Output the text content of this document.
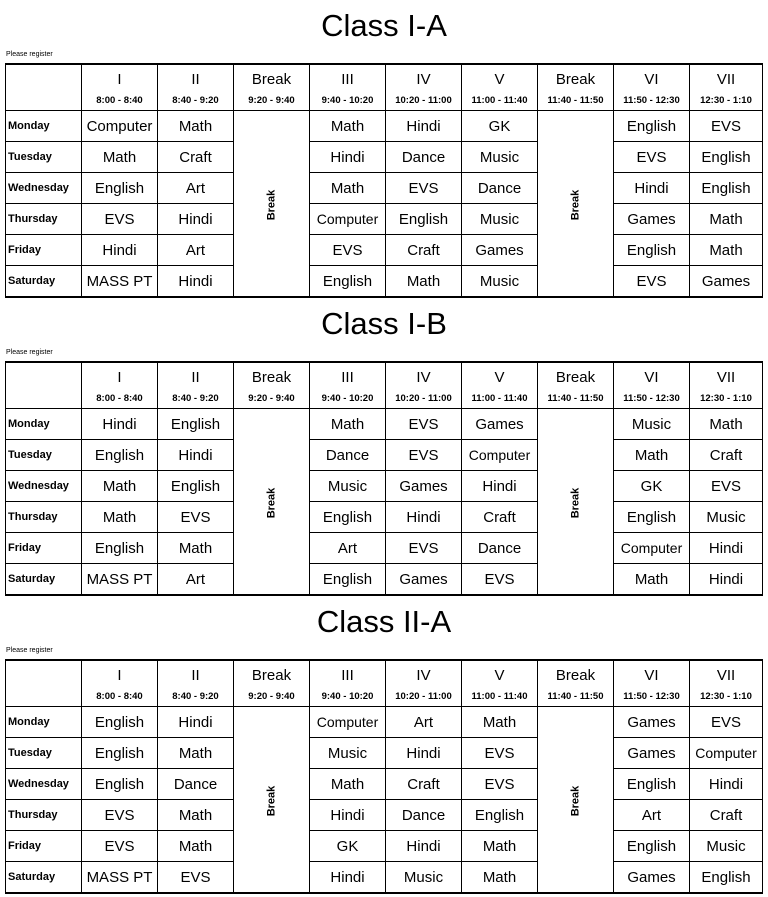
Class I-A
Please register
	I	II	Break	III	IV	V	Break	VI	VII
	8:00 - 8:40	8:40 - 9:20	9:20 - 9:40	9:40 - 10:20	10:20 - 11:00	11:00 - 11:40	11:40 - 11:50	11:50 - 12:30	12:30 - 1:10
Monday	Computer	Math	Break	Math	Hindi	GK	Break	English	EVS
Tuesday	Math	Craft		Hindi	Dance	Music		EVS	English
Wednesday	English	Art		Math	EVS	Dance		Hindi	English
Thursday	EVS	Hindi		Computer	English	Music		Games	Math
Friday	Hindi	Art		EVS	Craft	Games		English	Math
Saturday	MASS PT	Hindi		English	Math	Music		EVS	Games
Class I-B
Please register
	I	II	Break	III	IV	V	Break	VI	VII
	8:00 - 8:40	8:40 - 9:20	9:20 - 9:40	9:40 - 10:20	10:20 - 11:00	11:00 - 11:40	11:40 - 11:50	11:50 - 12:30	12:30 - 1:10
Monday	Hindi	English	Break	Math	EVS	Games	Break	Music	Math
Tuesday	English	Hindi		Dance	EVS	Computer		Math	Craft
Wednesday	Math	English		Music	Games	Hindi		GK	EVS
Thursday	Math	EVS		English	Hindi	Craft		English	Music
Friday	English	Math		Art	EVS	Dance		Computer	Hindi
Saturday	MASS PT	Art		English	Games	EVS		Math	Hindi
Class II-A
Please register
	I	II	Break	III	IV	V	Break	VI	VII
	8:00 - 8:40	8:40 - 9:20	9:20 - 9:40	9:40 - 10:20	10:20 - 11:00	11:00 - 11:40	11:40 - 11:50	11:50 - 12:30	12:30 - 1:10
Monday	English	Hindi	Break	Computer	Art	Math	Break	Games	EVS
Tuesday	English	Math		Music	Hindi	EVS		Games	Computer
Wednesday	English	Dance		Math	Craft	EVS		English	Hindi
Thursday	EVS	Math		Hindi	Dance	English		Art	Craft
Friday	EVS	Math		GK	Hindi	Math		English	Music
Saturday	MASS PT	EVS		Hindi	Music	Math		Games	English
